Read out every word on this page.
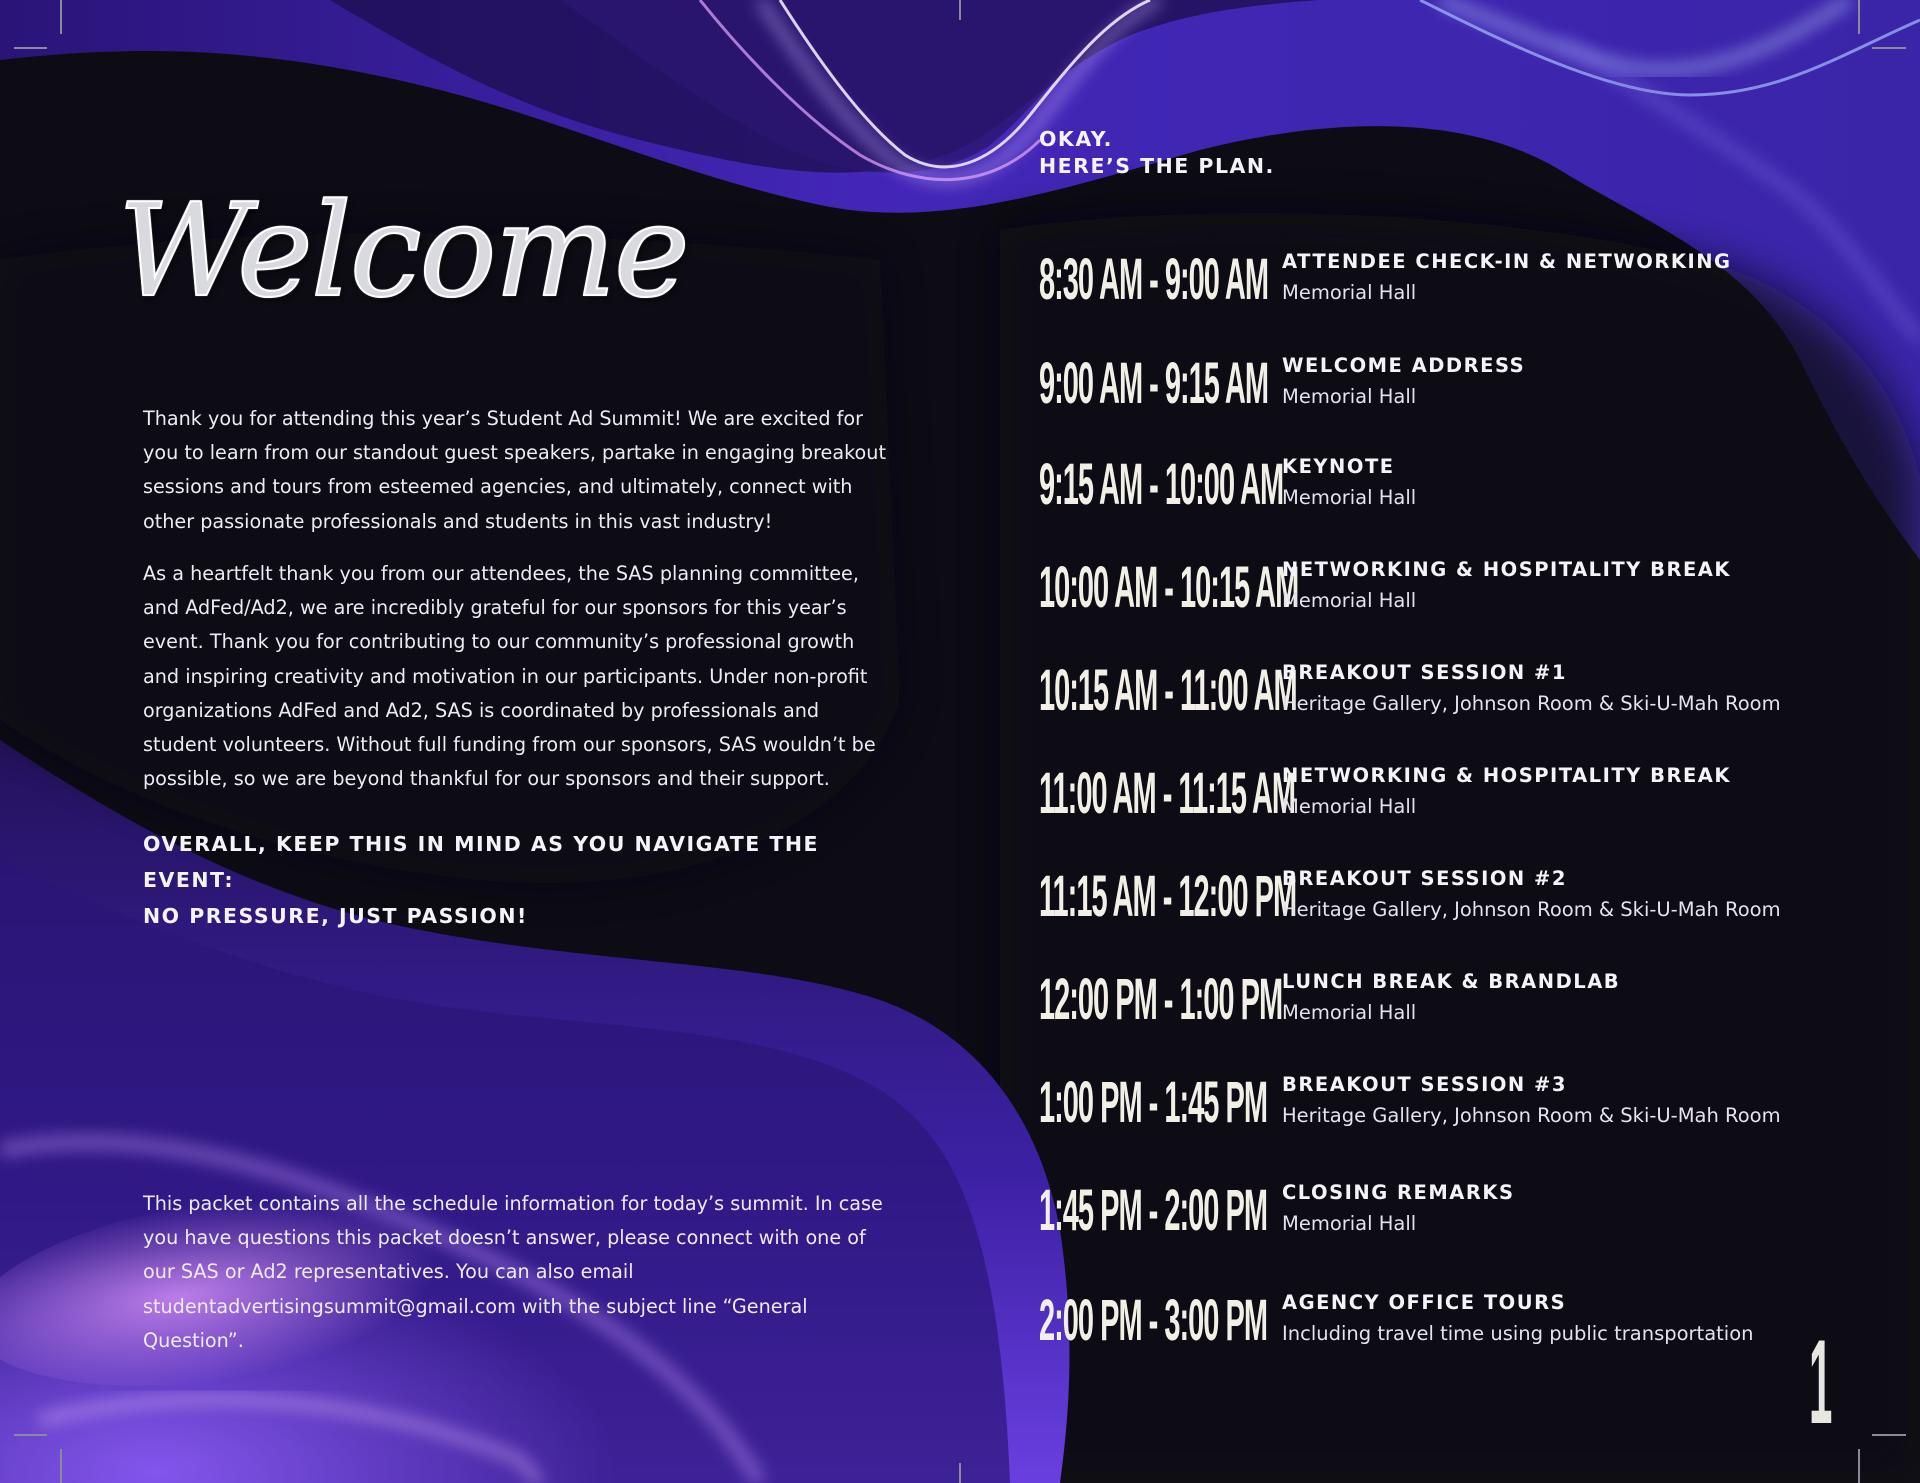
Welcome

Thank you for attending this year’s Student Ad Summit! We are excited for you to learn from our standout guest speakers, partake in engaging breakout sessions and tours from esteemed agencies, and ultimately, connect with other passionate professionals and students in this vast industry!

As a heartfelt thank you from our attendees, the SAS planning committee, and AdFed/Ad2, we are incredibly grateful for our sponsors for this year’s event. Thank you for contributing to our community’s professional growth and inspiring creativity and motivation in our participants. Under non-profit organizations AdFed and Ad2, SAS is coordinated by professionals and student volunteers. Without full funding from our sponsors, SAS wouldn’t be possible, so we are beyond thankful for our sponsors and their support.

OVERALL, KEEP THIS IN MIND AS YOU NAVIGATE THE EVENT:
NO PRESSURE, JUST PASSION!

This packet contains all the schedule information for today’s summit. In case you have questions this packet doesn’t answer, please connect with one of our SAS or Ad2 representatives. You can also email studentadvertisingsummit@gmail.com with the subject line “General Question”.

OKAY.
HERE’S THE PLAN.
8:30 AM - 9:00 AM ATTENDEE CHECK-IN & NETWORKING
Memorial Hall
9:00 AM - 9:15 AM WELCOME ADDRESS
Memorial Hall
9:15 AM - 10:00 AM
KEYNOTE
Memorial Hall
10:00 AM - 10:15 AM
NETWORKING & HOSPITALITY BREAK
Memorial Hall
10:15 AM - 11:00 AM
BREAKOUT SESSION #1
Heritage Gallery, Johnson Room & Ski-U-Mah Room
11:00 AM - 11:15 AM
NETWORKING & HOSPITALITY BREAK
Memorial Hall
11:15 AM - 12:00 PM
BREAKOUT SESSION #2
Heritage Gallery, Johnson Room & Ski-U-Mah Room
12:00 PM - 1:00 PM LUNCH BREAK & BRANDLAB
Memorial Hall
1:00 PM - 1:45 PM BREAKOUT SESSION #3
Heritage Gallery, Johnson Room & Ski-U-Mah Room
1:45 PM - 2:00 PM CLOSING REMARKS
Memorial Hall
2:00 PM - 3:00 PM AGENCY OFFICE TOURS
Including travel time using public transportation 1
